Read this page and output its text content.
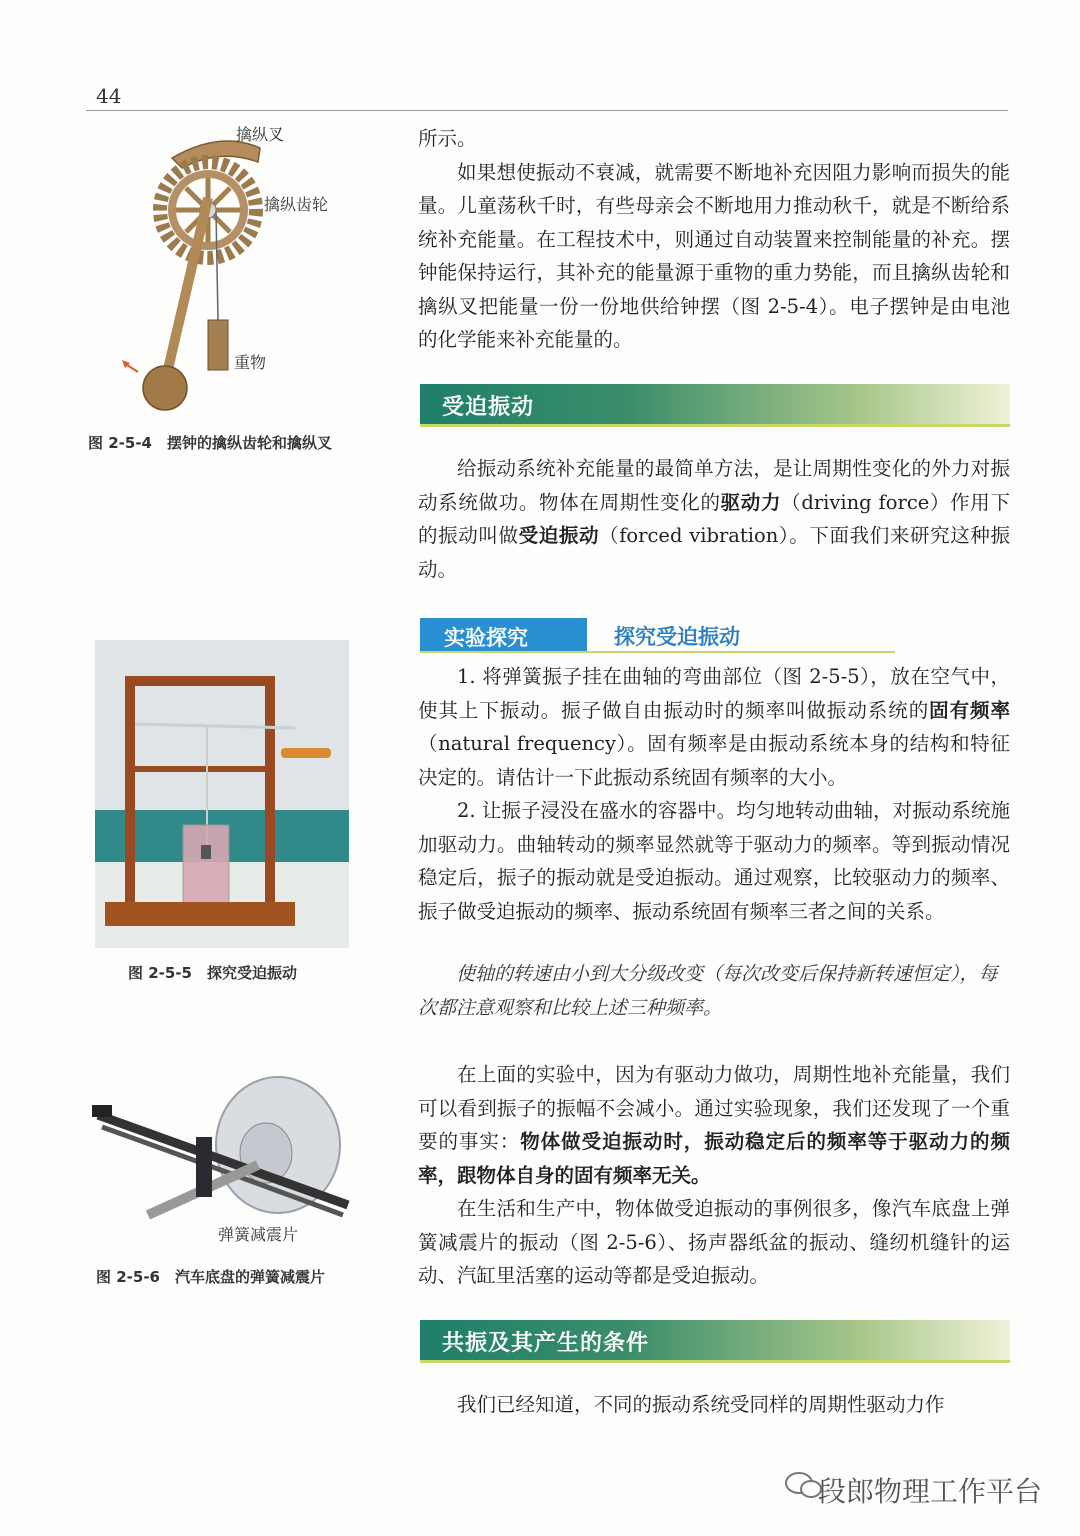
44
擒纵叉
擒纵齿轮
重物
图 2-5-4　摆钟的擒纵齿轮和擒纵叉

所示。

如果想使振动不衰减，就需要不断地补充因阻力影响而损失的能量。儿童荡秋千时，有些母亲会不断地用力推动秋千，就是不断给系统补充能量。在工程技术中，则通过自动装置来控制能量的补充。摆钟能保持运行，其补充的能量源于重物的重力势能，而且擒纵齿轮和擒纵叉把能量一份一份地供给钟摆（图 2-5-4）。电子摆钟是由电池的化学能来补充能量的。

受迫振动

给振动系统补充能量的最简单方法，是让周期性变化的外力对振动系统做功。物体在周期性变化的驱动力（driving force）作用下的振动叫做受迫振动（forced vibration）。下面我们来研究这种振动。

实验探究	探究受迫振动
图 2-5-5　探究受迫振动

1. 将弹簧振子挂在曲轴的弯曲部位（图 2-5-5），放在空气中，使其上下振动。振子做自由振动时的频率叫做振动系统的固有频率（natural frequency）。固有频率是由振动系统本身的结构和特征决定的。请估计一下此振动系统固有频率的大小。

2. 让振子浸没在盛水的容器中。均匀地转动曲轴，对振动系统施加驱动力。曲轴转动的频率显然就等于驱动力的频率。等到振动情况稳定后，振子的振动就是受迫振动。通过观察，比较驱动力的频率、振子做受迫振动的频率、振动系统固有频率三者之间的关系。

使轴的转速由小到大分级改变（每次改变后保持新转速恒定），每次都注意观察和比较上述三种频率。

弹簧减震片
图 2-5-6　汽车底盘的弹簧减震片

在上面的实验中，因为有驱动力做功，周期性地补充能量，我们可以看到振子的振幅不会减小。通过实验现象，我们还发现了一个重要的事实：物体做受迫振动时，振动稳定后的频率等于驱动力的频率，跟物体自身的固有频率无关。

在生活和生产中，物体做受迫振动的事例很多，像汽车底盘上弹簧减震片的振动（图 2-5-6）、扬声器纸盆的振动、缝纫机缝针的运动、汽缸里活塞的运动等都是受迫振动。

共振及其产生的条件

我们已经知道，不同的振动系统受同样的周期性驱动力作

段郎物理工作平台
